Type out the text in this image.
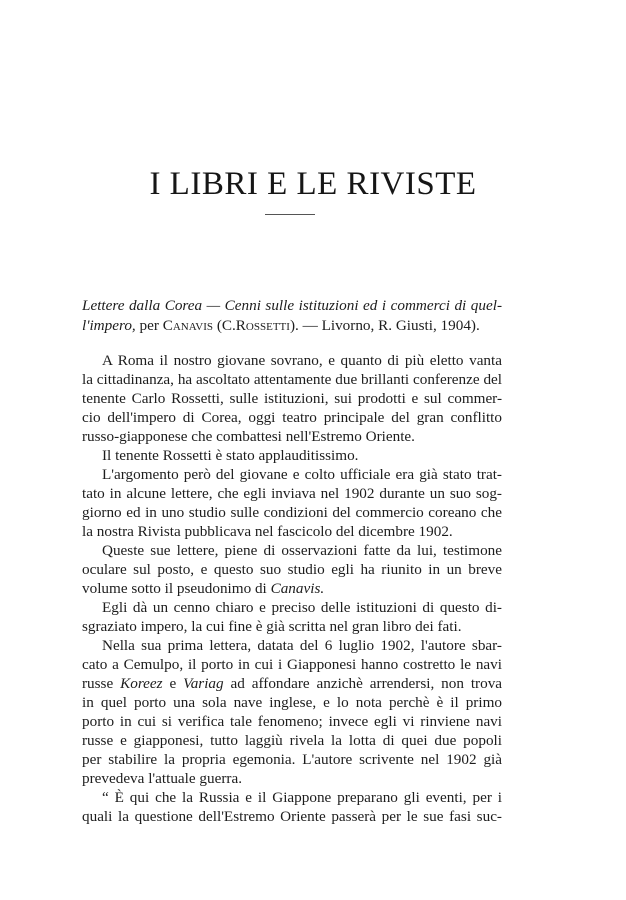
I LIBRI E LE RIVISTE
Lettere dalla Corea — Cenni sulle istituzioni ed i commerci di quel-
l'impero, per Canavis (C.Rossetti). — Livorno, R. Giusti, 1904).
A Roma il nostro giovane sovrano, e quanto di più eletto vanta
la cittadinanza, ha ascoltato attentamente due brillanti conferenze del
tenente Carlo Rossetti, sulle istituzioni, sui prodotti e sul commer-
cio dell'impero di Corea, oggi teatro principale del gran conflitto
russo-giapponese che combattesi nell'Estremo Oriente.
Il tenente Rossetti è stato applauditissimo.
L'argomento però del giovane e colto ufficiale era già stato trat-
tato in alcune lettere, che egli inviava nel 1902 durante un suo sog-
giorno ed in uno studio sulle condizioni del commercio coreano che
la nostra Rivista pubblicava nel fascicolo del dicembre 1902.
Queste sue lettere, piene di osservazioni fatte da lui, testimone
oculare sul posto, e questo suo studio egli ha riunito in un breve
volume sotto il pseudonimo di Canavis.
Egli dà un cenno chiaro e preciso delle istituzioni di questo di-
sgraziato impero, la cui fine è già scritta nel gran libro dei fati.
Nella sua prima lettera, datata del 6 luglio 1902, l'autore sbar-
cato a Cemulpo, il porto in cui i Giapponesi hanno costretto le navi
russe Koreez e Variag ad affondare anzichè arrendersi, non trova
in quel porto una sola nave inglese, e lo nota perchè è il primo
porto in cui si verifica tale fenomeno; invece egli vi rinviene navi
russe e giapponesi, tutto laggiù rivela la lotta di quei due popoli
per stabilire la propria egemonia. L'autore scrivente nel 1902 già
prevedeva l'attuale guerra.
“ È qui che la Russia e il Giappone preparano gli eventi, per i
quali la questione dell'Estremo Oriente passerà per le sue fasi suc-
